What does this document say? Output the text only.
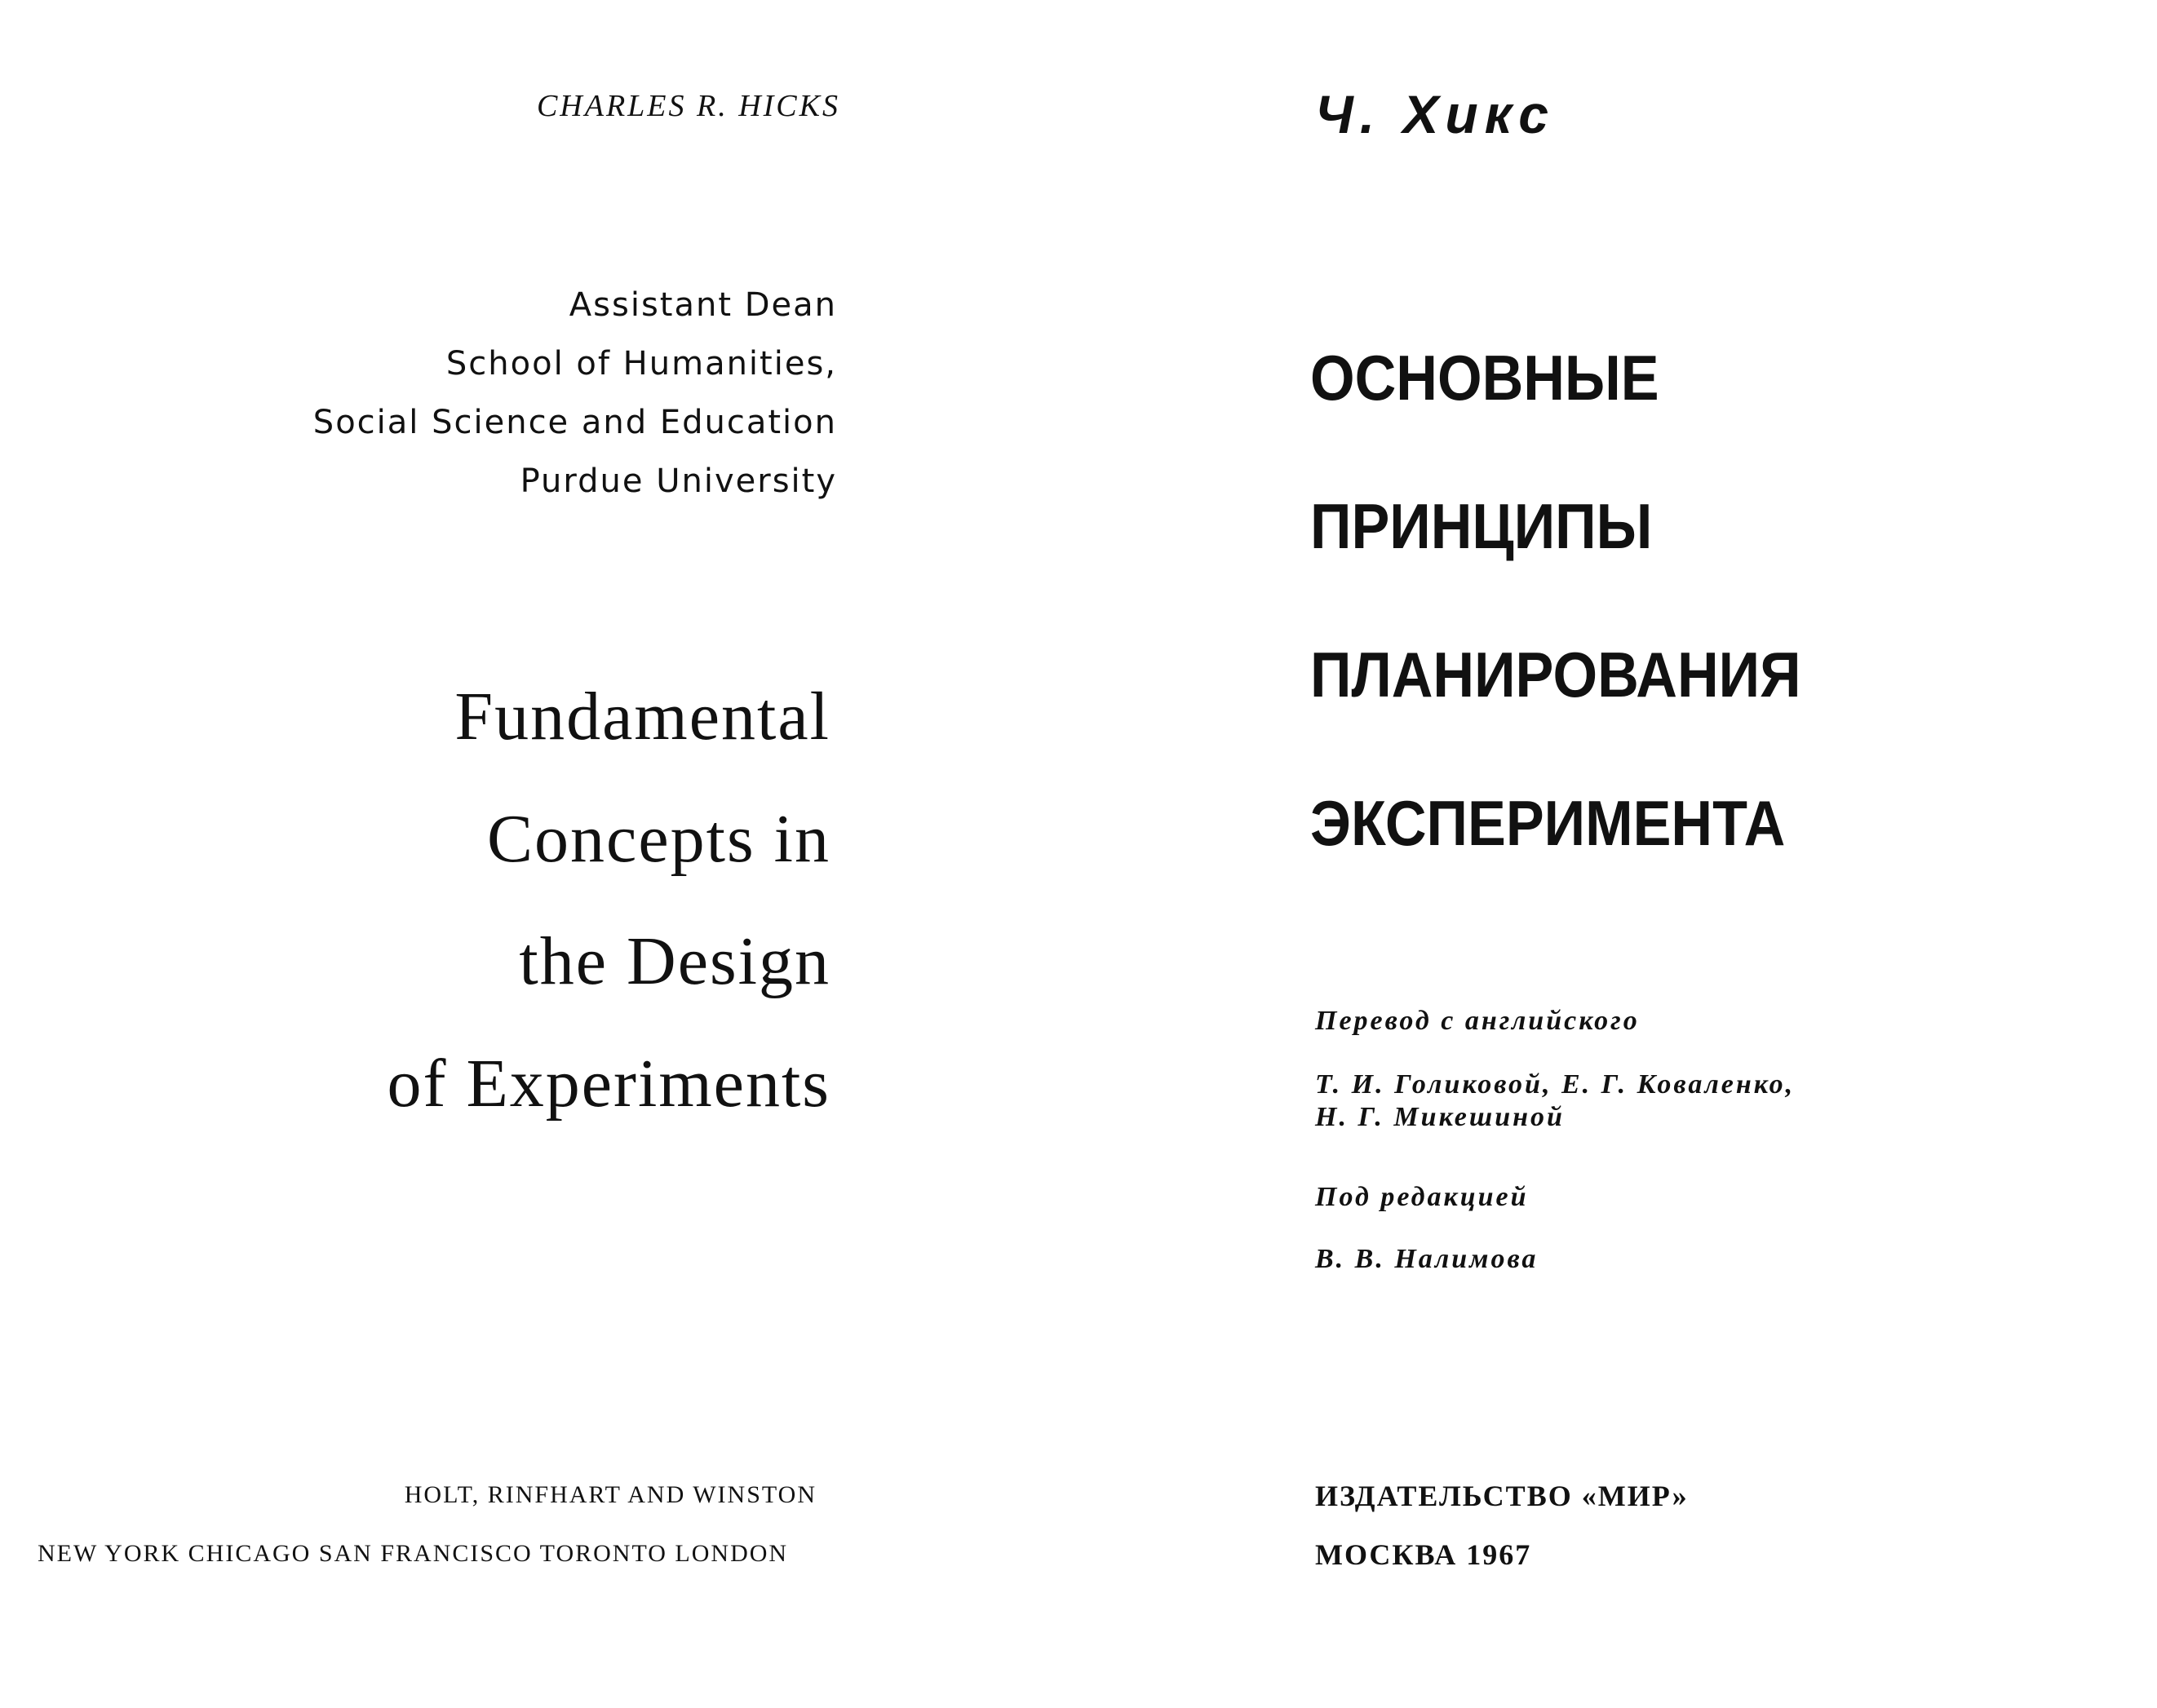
CHARLES R. HICKS
Assistant Dean
School of Humanities,
Social Science and Education
Purdue University
Fundamental
Concepts in
the Design
of Experiments
HOLT, RINFHART AND WINSTON
NEW YORK CHICAGO SAN FRANCISCO TORONTO LONDON
Ч. Хикс
ОСНОВНЫЕ
ПРИНЦИПЫ
ПЛАНИРОВАНИЯ
ЭКСПЕРИМЕНТА
Перевод с английского
Т. И. Голиковой, Е. Г. Коваленко,
Н. Г. Микешиной
Под редакцией
В. В. Налимова
ИЗДАТЕЛЬСТВО «МИР»
МОСКВА 1967
